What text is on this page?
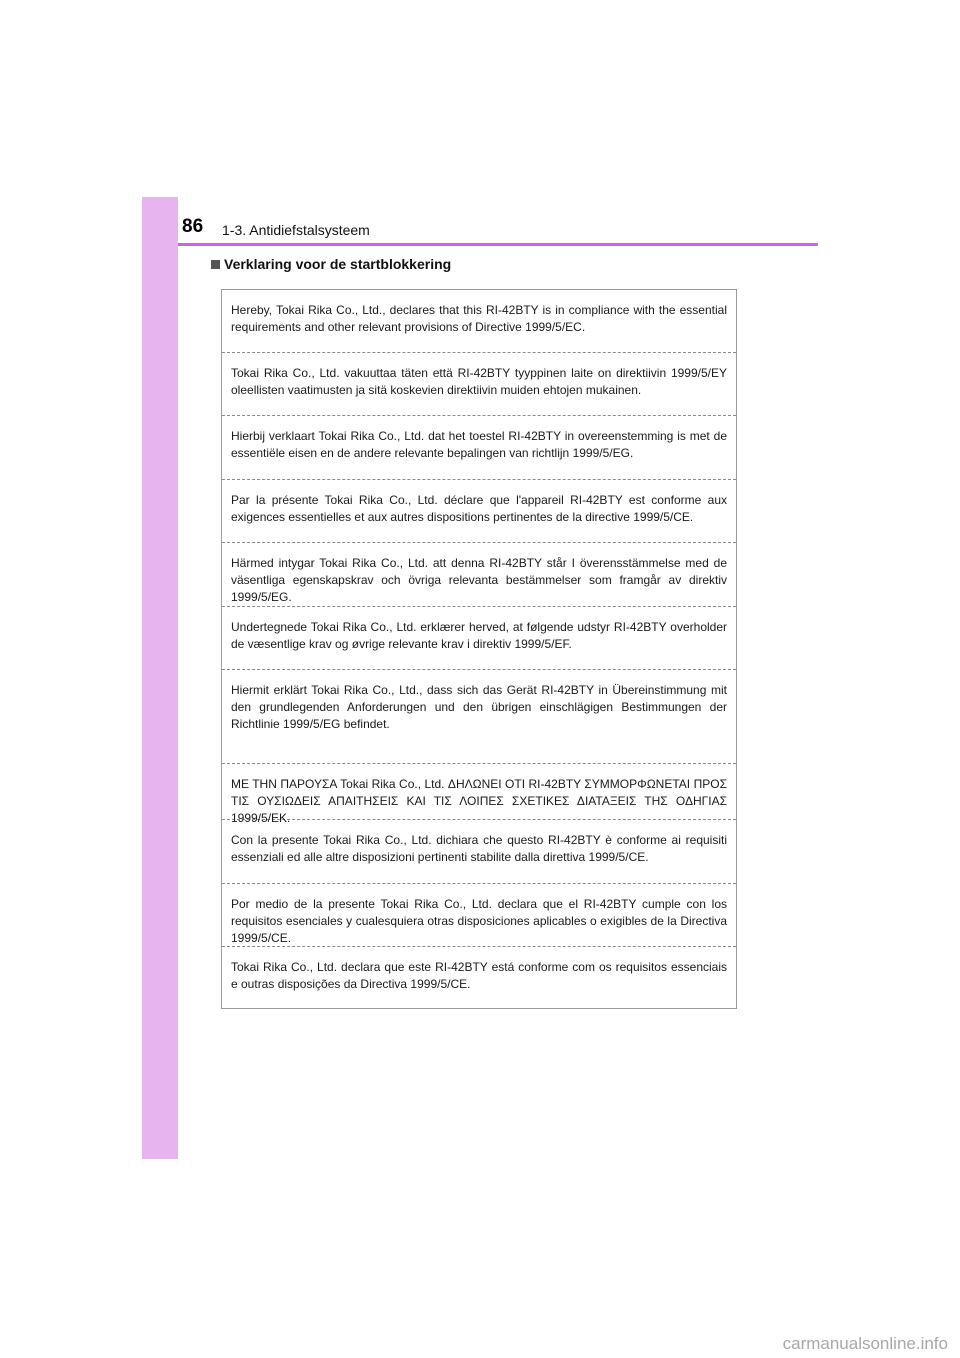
86 1-3. Antidiefstalsysteem
Verklaring voor de startblokkering

Hereby, Tokai Rika Co., Ltd., declares that this RI-42BTY is in compliance with the essential requirements and other relevant provisions of Directive 1999/5/EC.

Tokai Rika Co., Ltd. vakuuttaa täten että RI-42BTY tyyppinen laite on direktiivin 1999/5/EY oleellisten vaatimusten ja sitä koskevien direktiivin muiden ehtojen mukainen.

Hierbij verklaart Tokai Rika Co., Ltd. dat het toestel RI-42BTY in overeenstemming is met de essentiële eisen en de andere relevante bepalingen van richtlijn 1999/5/EG.

Par la présente Tokai Rika Co., Ltd. déclare que l'appareil RI-42BTY est conforme aux exigences essentielles et aux autres dispositions pertinentes de la directive 1999/5/CE.

Härmed intygar Tokai Rika Co., Ltd. att denna RI-42BTY står I överensstämmelse med de väsentliga egenskapskrav och övriga relevanta bestämmelser som framgår av direktiv 1999/5/EG.

Undertegnede Tokai Rika Co., Ltd. erklærer herved, at følgende udstyr RI-42BTY overholder de væsentlige krav og øvrige relevante krav i direktiv 1999/5/EF.

Hiermit erklärt Tokai Rika Co., Ltd., dass sich das Gerät RI-42BTY in Übereinstimmung mit den grundlegenden Anforderungen und den übrigen einschlägigen Bestimmungen der Richtlinie 1999/5/EG befindet.

ΜΕ ΤΗΝ ΠΑΡΟΥΣΑ Tokai Rika Co., Ltd. ΔΗΛΩΝΕΙ ΟΤΙ RI-42BTY ΣΥΜΜΟΡΦΩΝΕΤΑΙ ΠΡΟΣ ΤΙΣ ΟΥΣΙΩΔΕΙΣ ΑΠΑΙΤΗΣΕΙΣ ΚΑΙ ΤΙΣ ΛΟΙΠΕΣ ΣΧΕΤΙΚΕΣ ΔΙΑΤΑΞΕΙΣ ΤΗΣ ΟΔΗΓΙΑΣ 1999/5/ΕΚ.

Con la presente Tokai Rika Co., Ltd. dichiara che questo RI-42BTY è conforme ai requisiti essenziali ed alle altre disposizioni pertinenti stabilite dalla direttiva 1999/5/CE.

Por medio de la presente Tokai Rika Co., Ltd. declara que el RI-42BTY cumple con los requisitos esenciales y cualesquiera otras disposiciones aplicables o exigibles de la Directiva 1999/5/CE.

Tokai Rika Co., Ltd. declara que este RI-42BTY está conforme com os requisitos essenciais e outras disposições da Directiva 1999/5/CE.

carmanualsonline.info
